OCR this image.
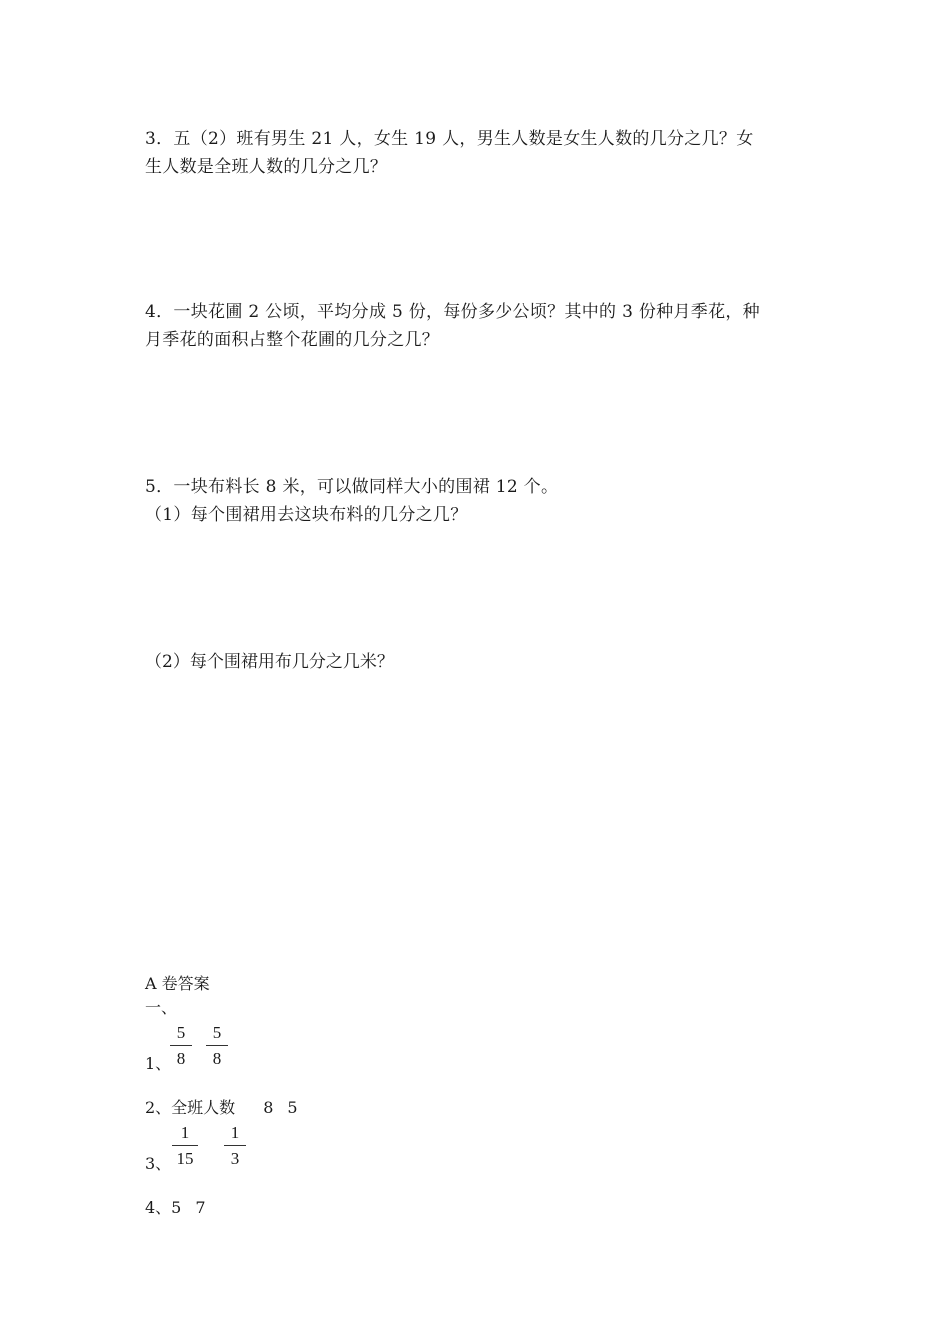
3．五（2）班有男生 21 人，女生 19 人，男生人数是女生人数的几分之几？女
生人数是全班人数的几分之几？
4．一块花圃 2 公顷，平均分成 5 份，每份多少公顷？其中的 3 份种月季花，种
月季花的面积占整个花圃的几分之几？
5．一块布料长 8 米，可以做同样大小的围裙 12 个。
（1）每个围裙用去这块布料的几分之几？
（2）每个围裙用布几分之几米？
A 卷答案
一、
1、
5
8
5
8
2、全班人数 8 5
3、
1
15
1
3
4、5 7
